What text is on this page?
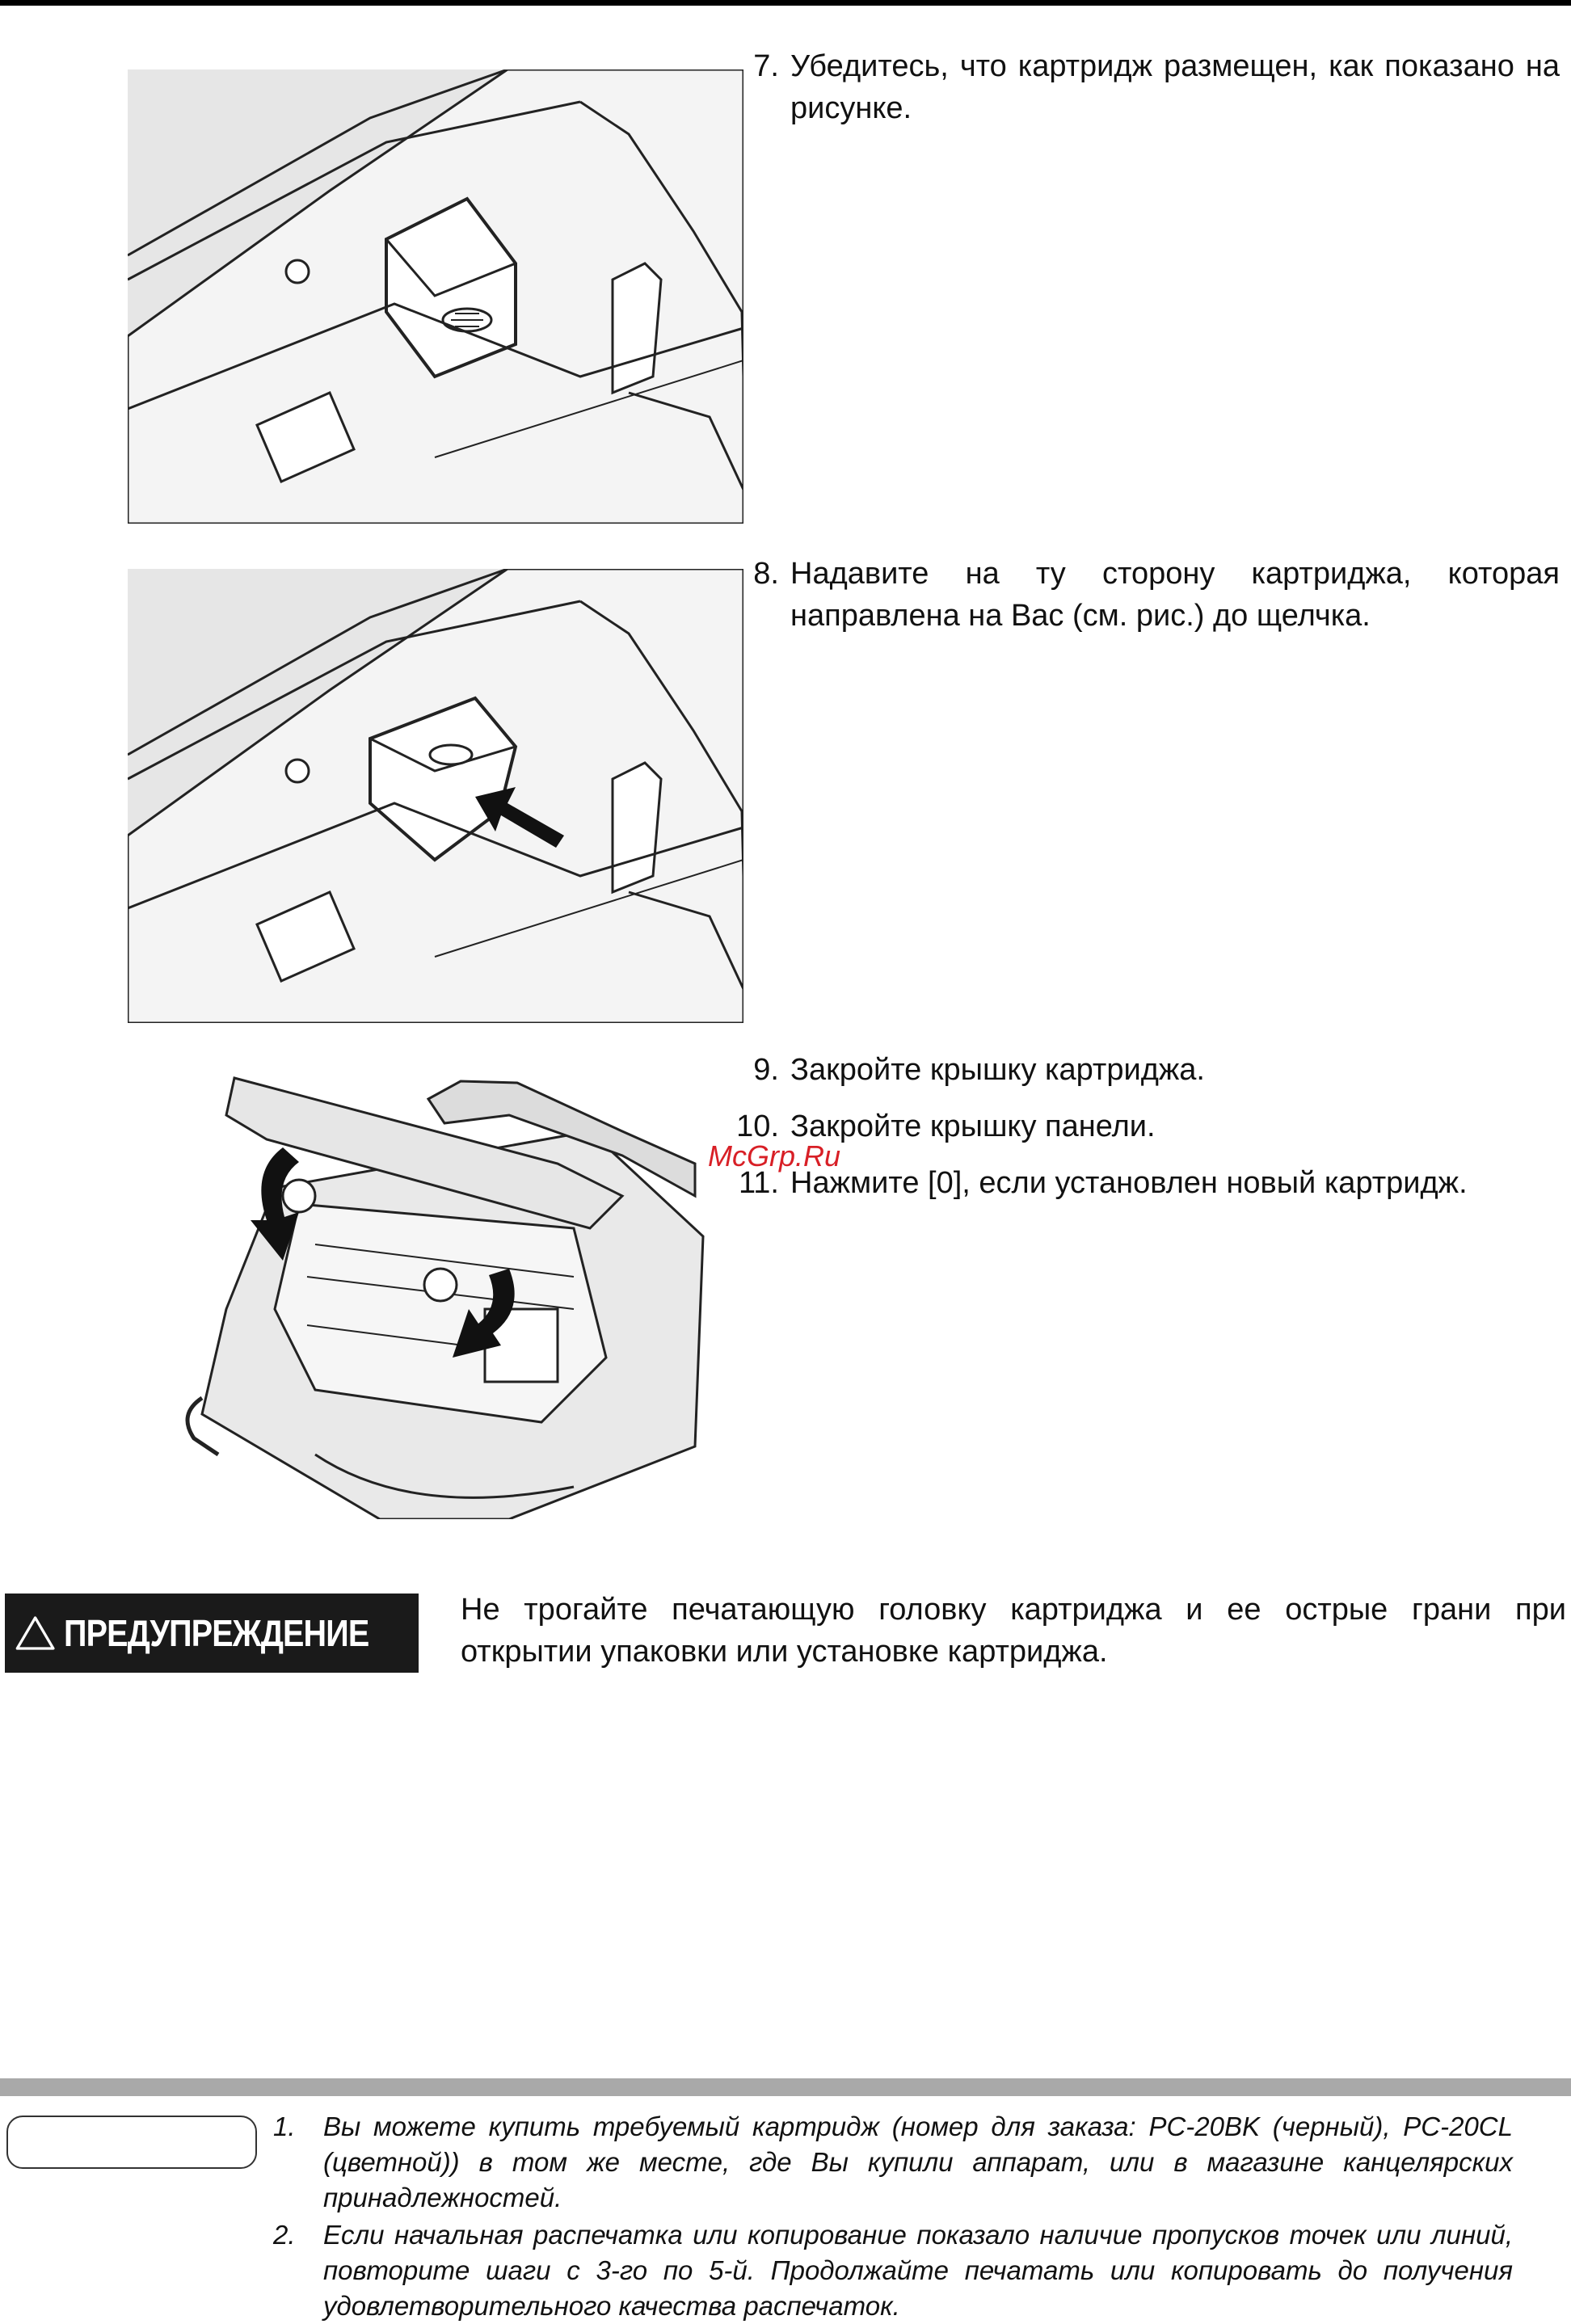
7. Убедитесь, что картридж размещен, как показано на рисунке.
8. Надавите на ту сторону картриджа, которая направлена на Вас (см. рис.) до щелчка.
9. Закройте крышку картриджа.
10. Закройте крышку панели.
11. Нажмите [0], если установлен новый картридж.
McGrp.Ru
ПРЕДУПРЕЖДЕНИЕ
Не трогайте печатающую головку картриджа и ее острые грани при открытии упаковки или установке картриджа.
1. Вы можете купить требуемый картридж (номер для заказа: PC-20BK (черный), PC-20CL (цветной)) в том же месте, где Вы купили аппарат, или в магазине канцелярских принадлежностей.
2. Если начальная распечатка или копирование показало наличие пропусков точек или линий, повторите шаги с 3-го по 5-й. Продолжайте печатать или копировать до получения удовлетворительного качества распечаток.
